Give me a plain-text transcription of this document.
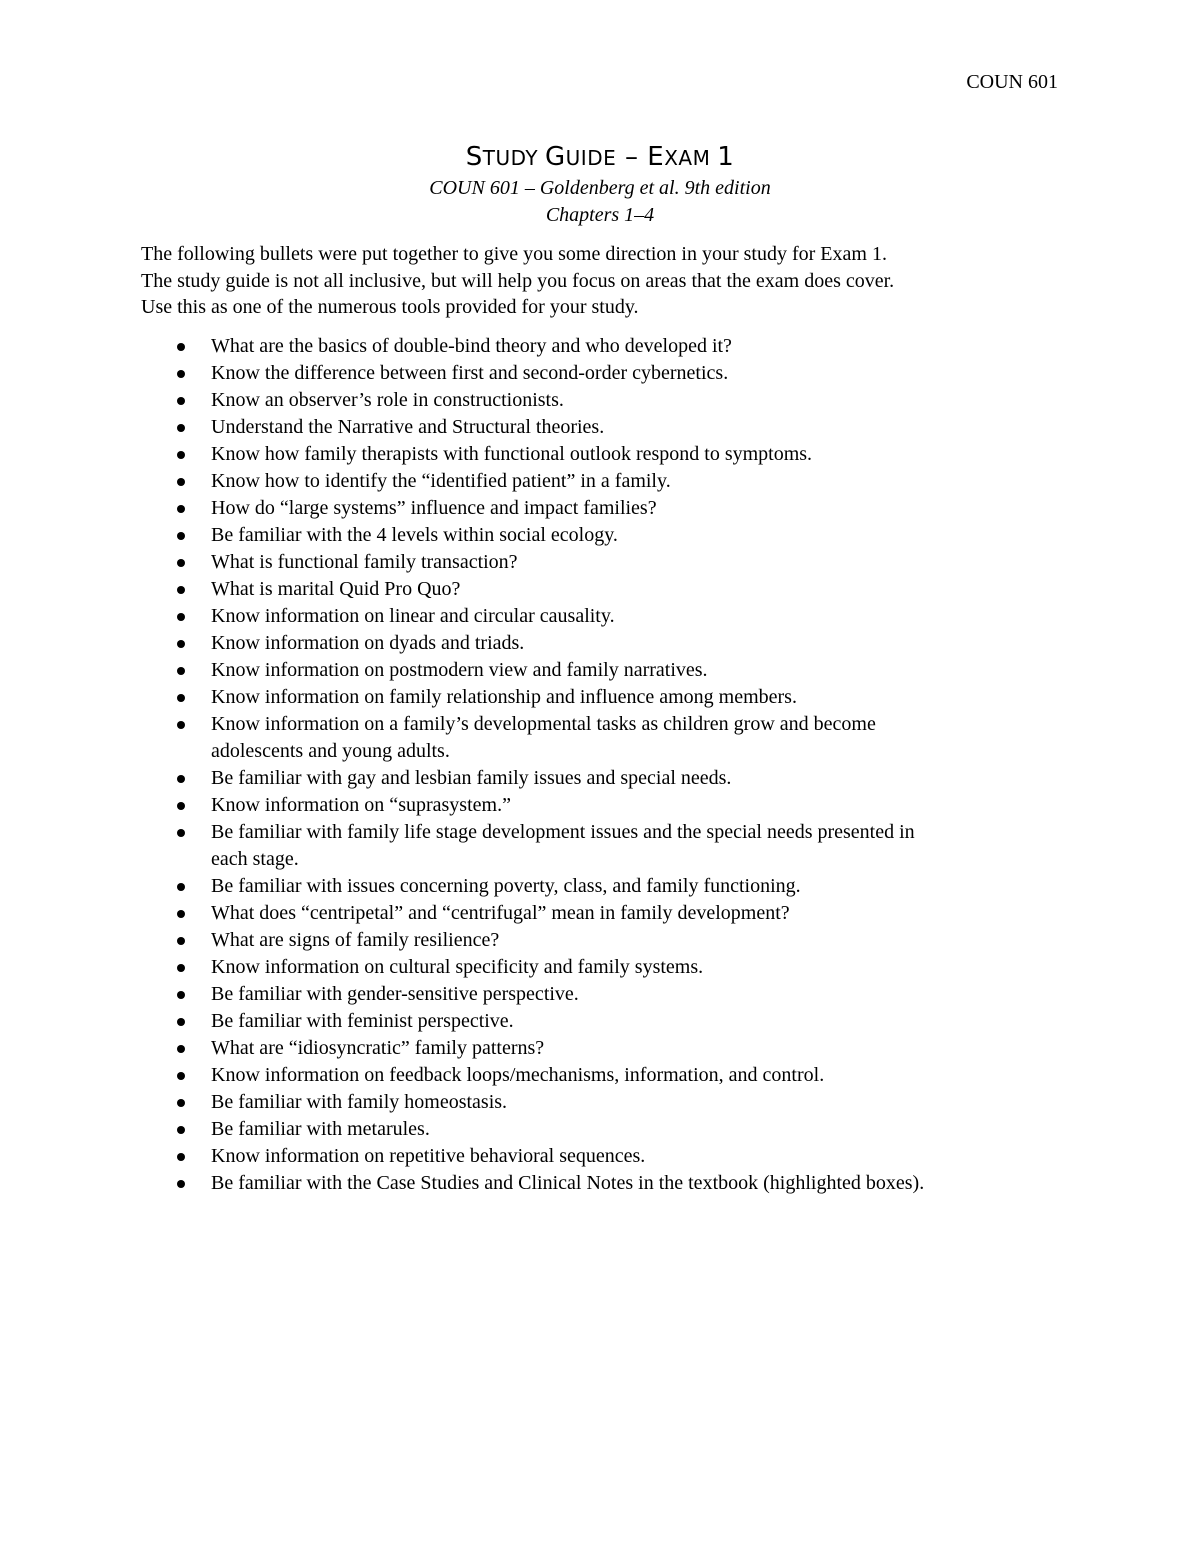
COUN 601
STUDY GUIDE – EXAM 1

COUN 601 – Goldenberg et al. 9th edition

Chapters 1–4

The following bullets were put together to give you some direction in your study for Exam 1.
The study guide is not all inclusive, but will help you focus on areas that the exam does cover.
Use this as one of the numerous tools provided for your study.

What are the basics of double-bind theory and who developed it?
Know the difference between first and second-order cybernetics.
Know an observer’s role in constructionists.
Understand the Narrative and Structural theories.
Know how family therapists with functional outlook respond to symptoms.
Know how to identify the “identified patient” in a family.
How do “large systems” influence and impact families?
Be familiar with the 4 levels within social ecology.
What is functional family transaction?
What is marital Quid Pro Quo?
Know information on linear and circular causality.
Know information on dyads and triads.
Know information on postmodern view and family narratives.
Know information on family relationship and influence among members.
Know information on a family’s developmental tasks as children grow and become
adolescents and young adults.
Be familiar with gay and lesbian family issues and special needs.
Know information on “suprasystem.”
Be familiar with family life stage development issues and the special needs presented in
each stage.
Be familiar with issues concerning poverty, class, and family functioning.
What does “centripetal” and “centrifugal” mean in family development?
What are signs of family resilience?
Know information on cultural specificity and family systems.
Be familiar with gender-sensitive perspective.
Be familiar with feminist perspective.
What are “idiosyncratic” family patterns?
Know information on feedback loops/mechanisms, information, and control.
Be familiar with family homeostasis.
Be familiar with metarules.
Know information on repetitive behavioral sequences.
Be familiar with the Case Studies and Clinical Notes in the textbook (highlighted boxes).
